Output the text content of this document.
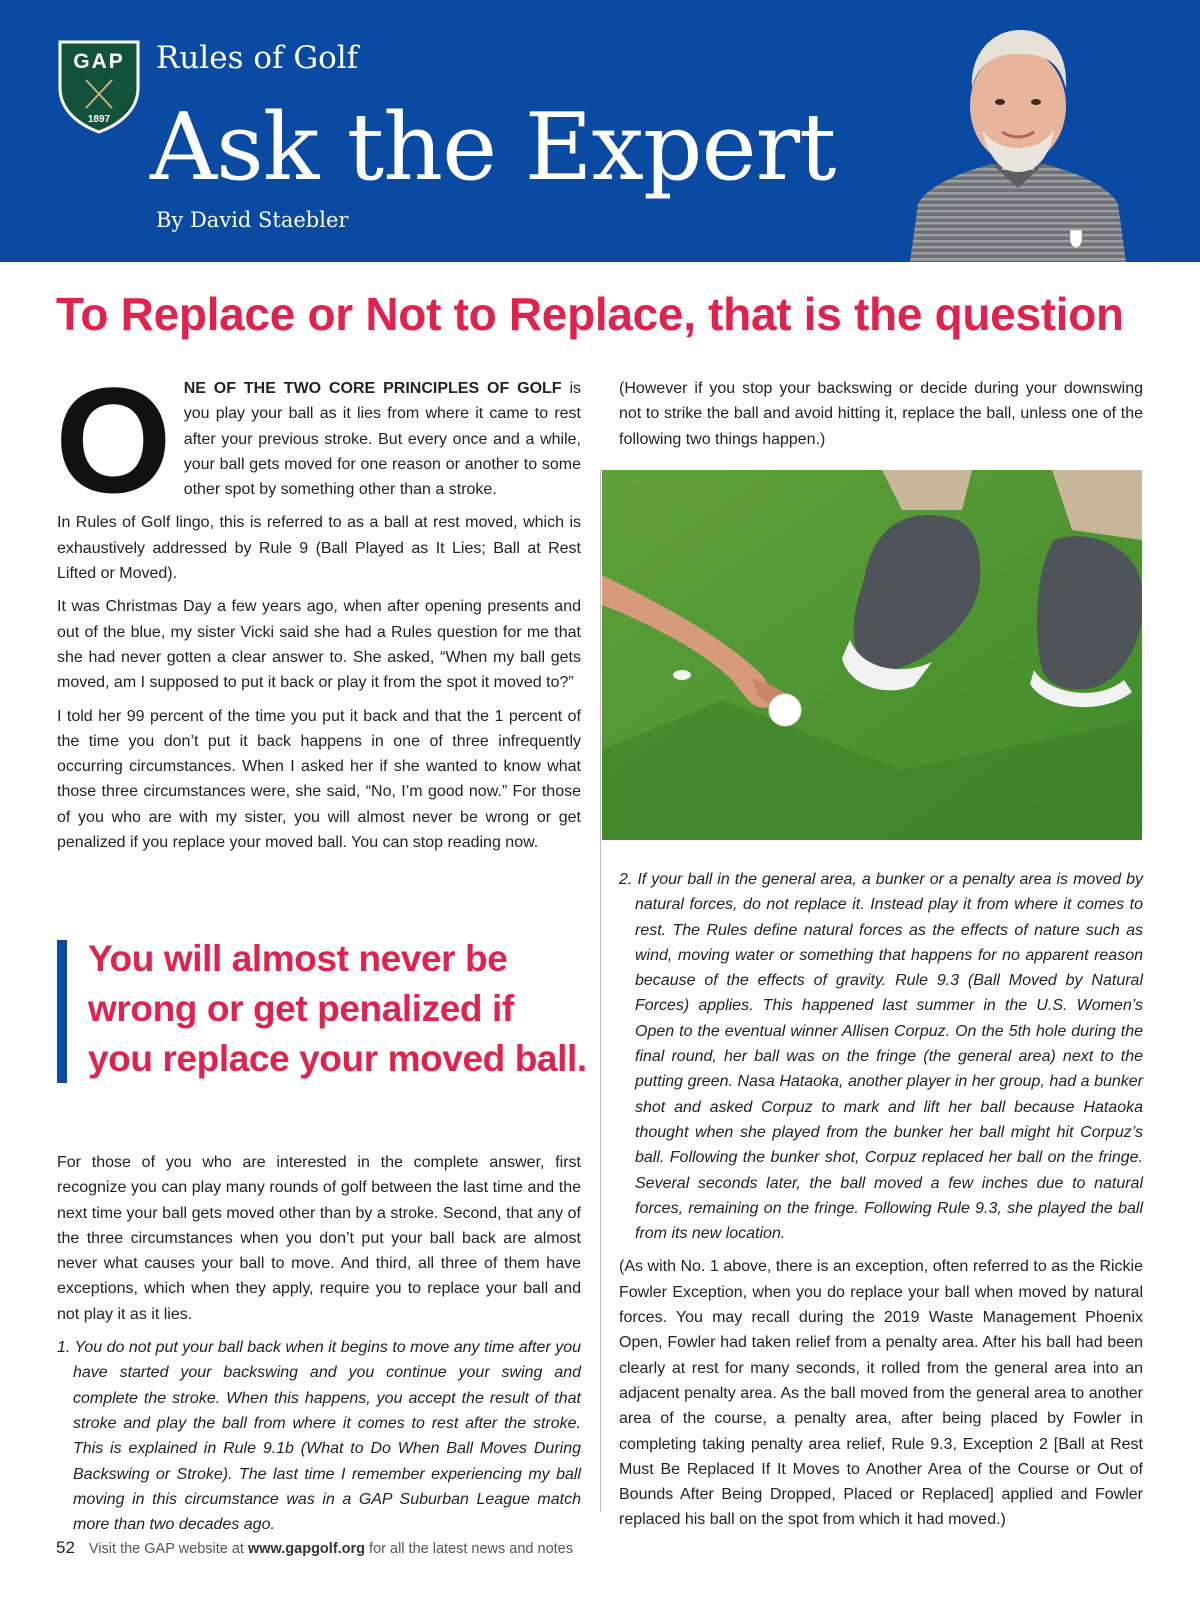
GAP
1897
Rules of Golf
Ask the Expert
By David Staebler
To Replace or Not to Replace, that is the question

ONE OF THE TWO CORE PRINCIPLES OF GOLF is you play your ball as it lies from where it came to rest after your previous stroke. But every once and a while, your ball gets moved for one reason or another to some other spot by something other than a stroke.

In Rules of Golf lingo, this is referred to as a ball at rest moved, which is exhaustively addressed by Rule 9 (Ball Played as It Lies; Ball at Rest Lifted or Moved).

It was Christmas Day a few years ago, when after opening presents and out of the blue, my sister Vicki said she had a Rules question for me that she had never gotten a clear answer to. She asked, “When my ball gets moved, am I supposed to put it back or play it from the spot it moved to?”

I told her 99 percent of the time you put it back and that the 1 percent of the time you don’t put it back happens in one of three infrequently occurring circumstances. When I asked her if she wanted to know what those three circumstances were, she said, “No, I’m good now.” For those of you who are with my sister, you will almost never be wrong or get penalized if you replace your moved ball. You can stop reading now.

You will almost never be wrong or get penalized if you replace your moved ball.

For those of you who are interested in the complete answer, first recognize you can play many rounds of golf between the last time and the next time your ball gets moved other than by a stroke. Second, that any of the three circumstances when you don’t put your ball back are almost never what causes your ball to move. And third, all three of them have exceptions, which when they apply, require you to replace your ball and not play it as it lies.

1. You do not put your ball back when it begins to move any time after you have started your backswing and you continue your swing and complete the stroke. When this happens, you accept the result of that stroke and play the ball from where it comes to rest after the stroke. This is explained in Rule 9.1b (What to Do When Ball Moves During Backswing or Stroke). The last time I remember experiencing my ball moving in this circumstance was in a GAP Suburban League match more than two decades ago.

(However if you stop your backswing or decide during your downswing not to strike the ball and avoid hitting it, replace the ball, unless one of the following two things happen.)

2. If your ball in the general area, a bunker or a penalty area is moved by natural forces, do not replace it. Instead play it from where it comes to rest. The Rules define natural forces as the effects of nature such as wind, moving water or something that happens for no apparent reason because of the effects of gravity. Rule 9.3 (Ball Moved by Natural Forces) applies. This happened last summer in the U.S. Women’s Open to the eventual winner Allisen Corpuz. On the 5th hole during the final round, her ball was on the fringe (the general area) next to the putting green. Nasa Hataoka, another player in her group, had a bunker shot and asked Corpuz to mark and lift her ball because Hataoka thought when she played from the bunker her ball might hit Corpuz’s ball. Following the bunker shot, Corpuz replaced her ball on the fringe. Several seconds later, the ball moved a few inches due to natural forces, remaining on the fringe. Following Rule 9.3, she played the ball from its new location.

(As with No. 1 above, there is an exception, often referred to as the Rickie Fowler Exception, when you do replace your ball when moved by natural forces. You may recall during the 2019 Waste Management Phoenix Open, Fowler had taken relief from a penalty area. After his ball had been clearly at rest for many seconds, it rolled from the general area into an adjacent penalty area. As the ball moved from the general area to another area of the course, a penalty area, after being placed by Fowler in completing taking penalty area relief, Rule 9.3, Exception 2 [Ball at Rest Must Be Replaced If It Moves to Another Area of the Course or Out of Bounds After Being Dropped, Placed or Replaced] applied and Fowler replaced his ball on the spot from which it had moved.)

52 Visit the GAP website at www.gapgolf.org for all the latest news and notes
